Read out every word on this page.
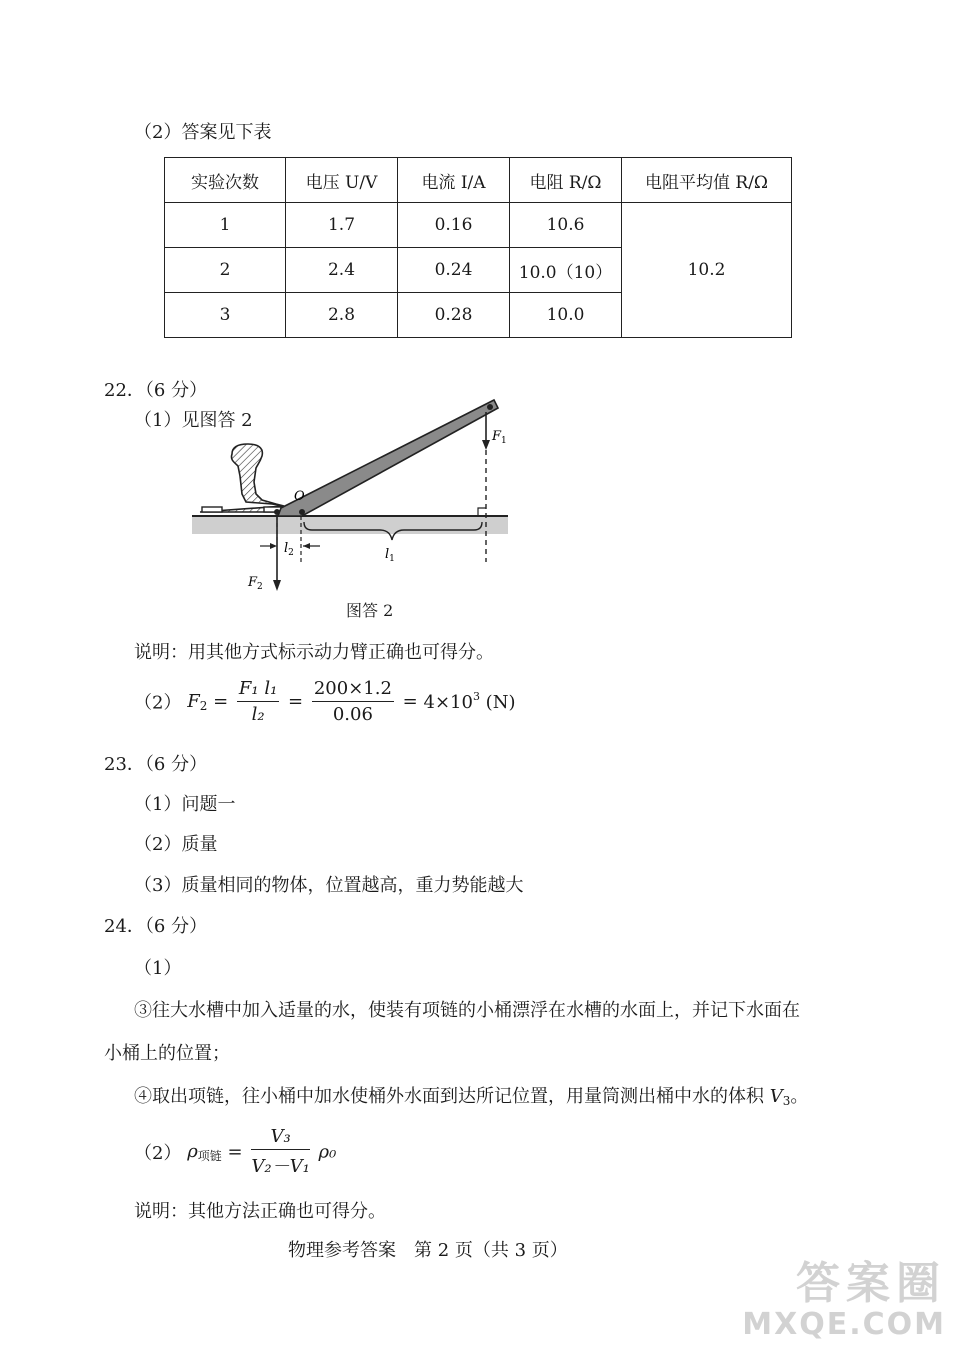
（2）答案见下表
实验次数	电压 U/V	电流 I/A	电阻 R/Ω	电阻平均值 R/Ω
1	1.7	0.16	10.6	10.2
2	2.4	0.24	10.0（10）	
3	2.8	0.28	10.0	
22．（6 分）
（1）见图答 2
$F_1$
O
$l_1$
$l_2$
$F_2$
图答 2
说明：用其他方式标示动力臂正确也可得分。
（2） $F_2 = \frac{\text{F₁ l₁}}{\text{l₂}} = \frac{200\times 1.2}{0.06} = 4\times 10^3$ (N)
23．（6 分）
（1）问题一
（2）质量
（3）质量相同的物体，位置越高，重力势能越大
24．（6 分）
（1）
③往大水槽中加入适量的水，使装有项链的小桶漂浮在水槽的水面上，并记下水面在
小桶上的位置；
④取出项链，往小桶中加水使桶外水面到达所记位置，用量筒测出桶中水的体积 $V_3$。
（2） $\rho_{项链} = \frac{\text{V₃}}{\text{V₂－V₁}} \rho_0$
说明：其他方法正确也可得分。
物理参考答案　第 2 页（共 3 页）
答案圈
MXQE.COM
